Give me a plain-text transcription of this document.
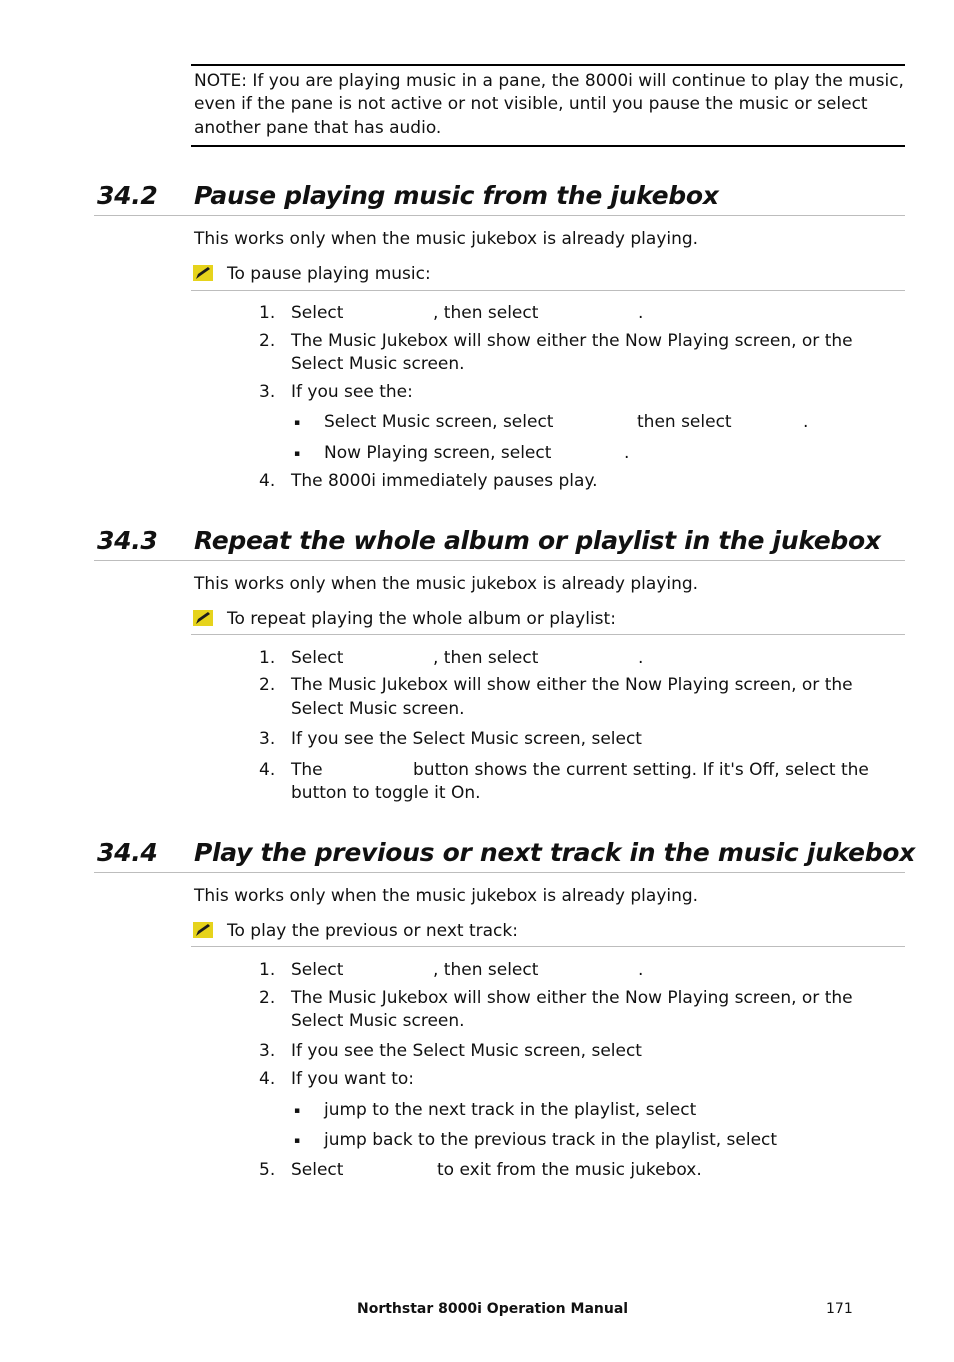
NOTE: If you are playing music in a pane, the 8000i will continue to play the music,
even if the pane is not active or not visible, until you pause the music or select
another pane that has audio.
34.2 Pause playing music from the jukebox
This works only when the music jukebox is already playing.
To pause playing music:
1. Select	, then select	.
2. The Music Jukebox will show either the Now Playing screen, or the
Select Music screen.
3. If you see the:
▪ Select Music screen, select	then select	.
▪ Now Playing screen, select	.
4. The 8000i immediately pauses play.
34.3 Repeat the whole album or playlist in the jukebox
This works only when the music jukebox is already playing.
To repeat playing the whole album or playlist:
1. Select	, then select	.
2. The Music Jukebox will show either the Now Playing screen, or the
Select Music screen.
3. If you see the Select Music screen, select
4. The	button shows the current setting. If it's Off, select the
button to toggle it On.
34.4 Play the previous or next track in the music jukebox
This works only when the music jukebox is already playing.
To play the previous or next track:
1. Select	, then select	.
2. The Music Jukebox will show either the Now Playing screen, or the
Select Music screen.
3. If you see the Select Music screen, select
4. If you want to:
▪ jump to the next track in the playlist, select
▪ jump back to the previous track in the playlist, select
5. Select	to exit from the music jukebox.
Northstar 8000i Operation Manual	171
